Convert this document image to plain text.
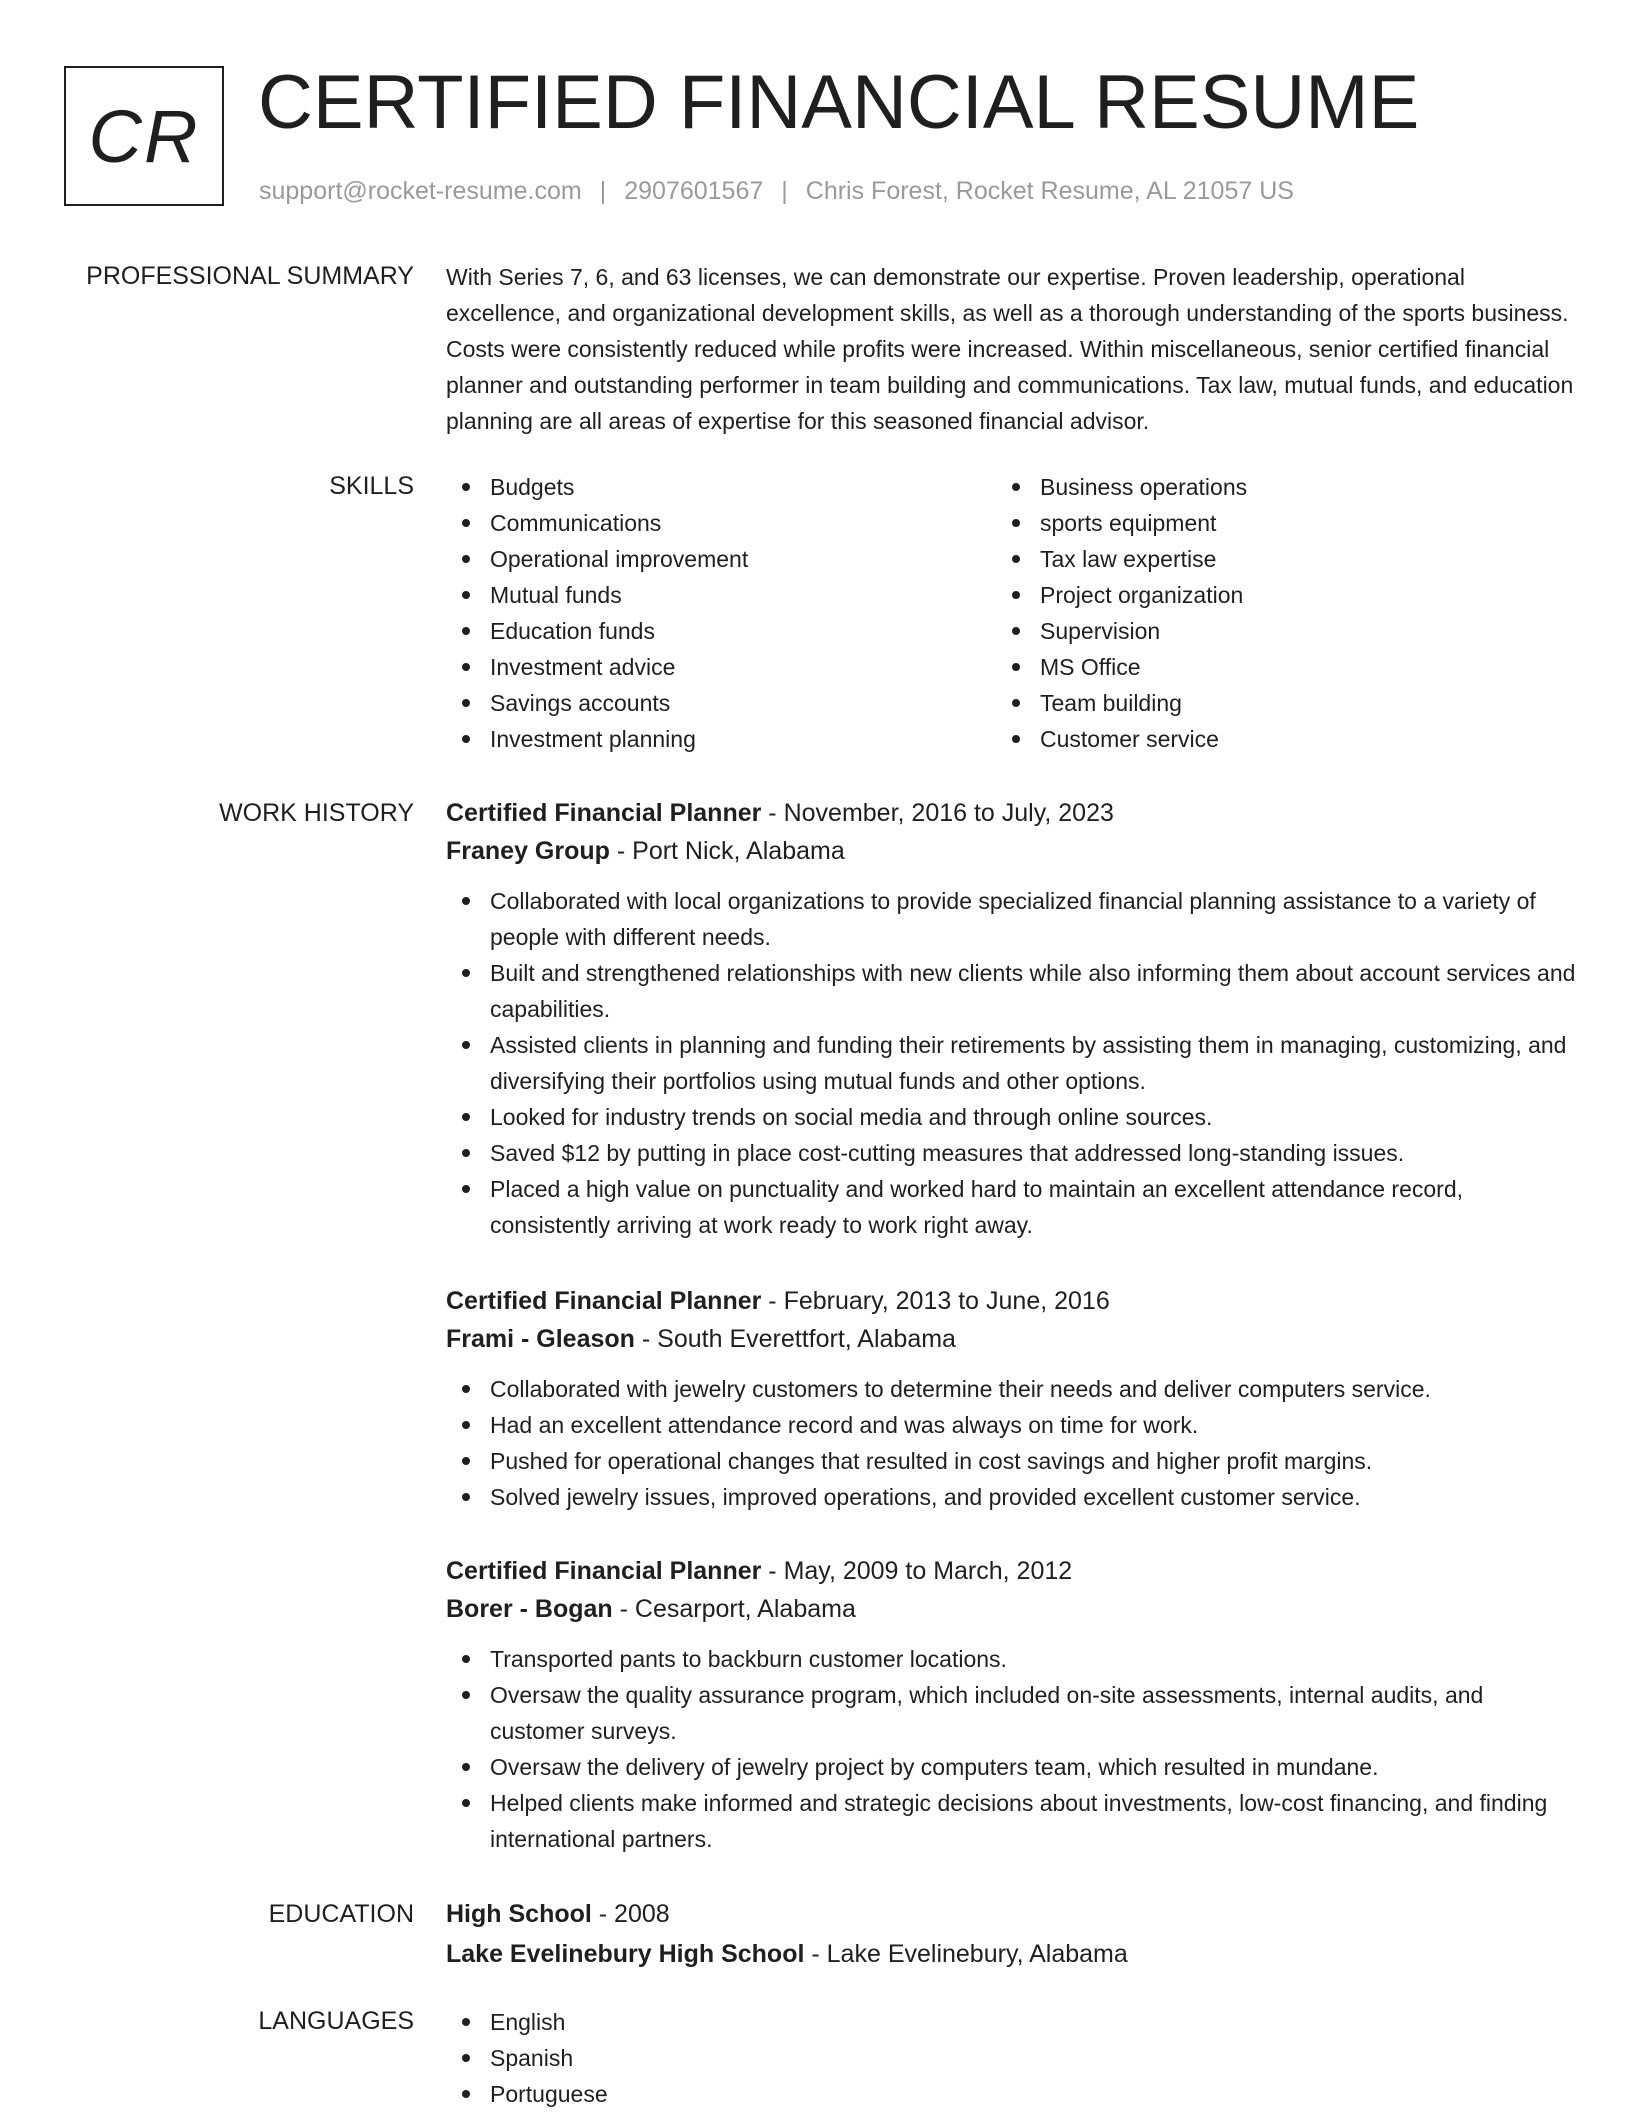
CR CERTIFIED FINANCIAL RESUME
support@rocket-resume.com | 2907601567 | Chris Forest, Rocket Resume, AL 21057 US
PROFESSIONAL SUMMARY With Series 7, 6, and 63 licenses, we can demonstrate our expertise. Proven leadership, operational excellence, and organizational development skills, as well as a thorough understanding of the sports business. Costs were consistently reduced while profits were increased. Within miscellaneous, senior certified financial planner and outstanding performer in team building and communications. Tax law, mutual funds, and education planning are all areas of expertise for this seasoned financial advisor.

SKILLS	Budgets
Communications
Operational improvement
Mutual funds
Education funds
Investment advice
Savings accounts
Investment planning
Business operations
sports equipment
Tax law expertise
Project organization
Supervision
MS Office
Team building
Customer service
WORK HISTORY Certified Financial Planner - November, 2016 to July, 2023
Franey Group - Port Nick, Alabama
Collaborated with local organizations to provide specialized financial planning assistance to a variety of people with different needs.
Built and strengthened relationships with new clients while also informing them about account services and capabilities.
Assisted clients in planning and funding their retirements by assisting them in managing, customizing, and diversifying their portfolios using mutual funds and other options.
Looked for industry trends on social media and through online sources.
Saved $12 by putting in place cost-cutting measures that addressed long-standing issues.
Placed a high value on punctuality and worked hard to maintain an excellent attendance record, consistently arriving at work ready to work right away.
Certified Financial Planner - February, 2013 to June, 2016
Frami - Gleason - South Everettfort, Alabama
Collaborated with jewelry customers to determine their needs and deliver computers service.
Had an excellent attendance record and was always on time for work.
Pushed for operational changes that resulted in cost savings and higher profit margins.
Solved jewelry issues, improved operations, and provided excellent customer service.
Certified Financial Planner - May, 2009 to March, 2012
Borer - Bogan - Cesarport, Alabama
Transported pants to backburn customer locations.
Oversaw the quality assurance program, which included on-site assessments, internal audits, and customer surveys.
Oversaw the delivery of jewelry project by computers team, which resulted in mundane.
Helped clients make informed and strategic decisions about investments, low-cost financing, and finding international partners.
EDUCATION High School - 2008
Lake Evelinebury High School - Lake Evelinebury, Alabama
LANGUAGES	English
Spanish
Portuguese
